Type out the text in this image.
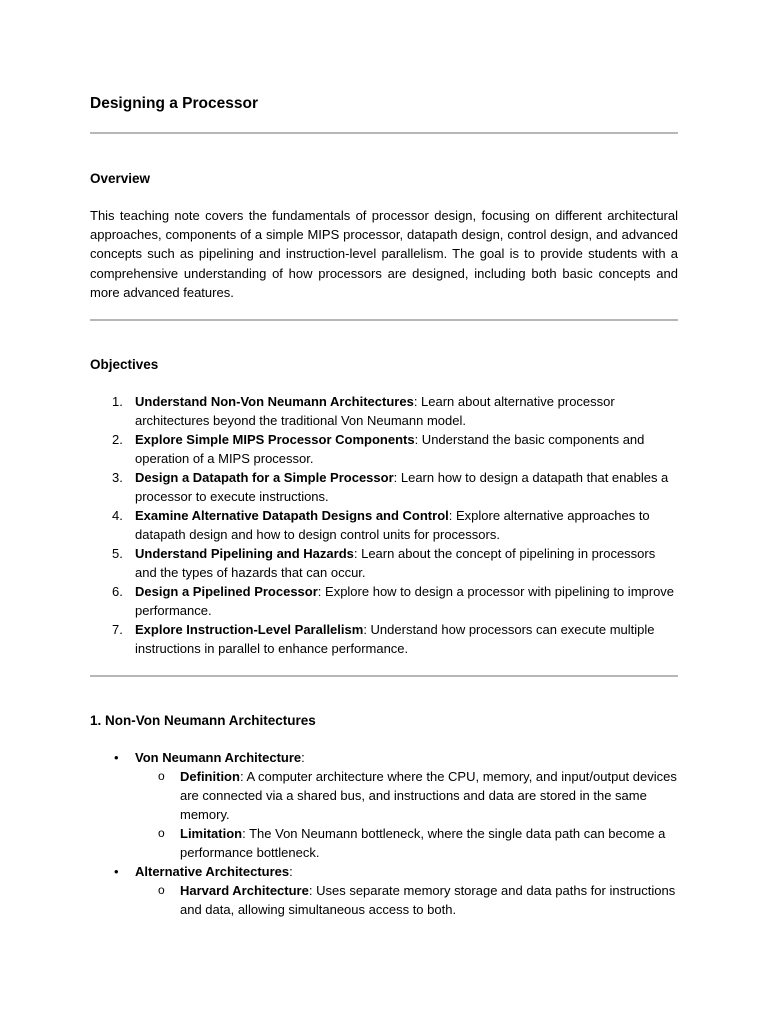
Designing a Processor
Overview

This teaching note covers the fundamentals of processor design, focusing on different architectural approaches, components of a simple MIPS processor, datapath design, control design, and advanced concepts such as pipelining and instruction-level parallelism. The goal is to provide students with a comprehensive understanding of how processors are designed, including both basic concepts and more advanced features.

Objectives
1. Understand Non-Von Neumann Architectures: Learn about alternative processor architectures beyond the traditional Von Neumann model.
2. Explore Simple MIPS Processor Components: Understand the basic components and operation of a MIPS processor.
3. Design a Datapath for a Simple Processor: Learn how to design a datapath that enables a processor to execute instructions.
4. Examine Alternative Datapath Designs and Control: Explore alternative approaches to datapath design and how to design control units for processors.
5. Understand Pipelining and Hazards: Learn about the concept of pipelining in processors and the types of hazards that can occur.
6. Design a Pipelined Processor: Explore how to design a processor with pipelining to improve performance.
7. Explore Instruction-Level Parallelism: Understand how processors can execute multiple instructions in parallel to enhance performance.
1. Non-Von Neumann Architectures
• Von Neumann Architecture:
o Definition: A computer architecture where the CPU, memory, and input/output devices are connected via a shared bus, and instructions and data are stored in the same memory.
o Limitation: The Von Neumann bottleneck, where the single data path can become a performance bottleneck.
• Alternative Architectures:
o Harvard Architecture: Uses separate memory storage and data paths for instructions and data, allowing simultaneous access to both.
